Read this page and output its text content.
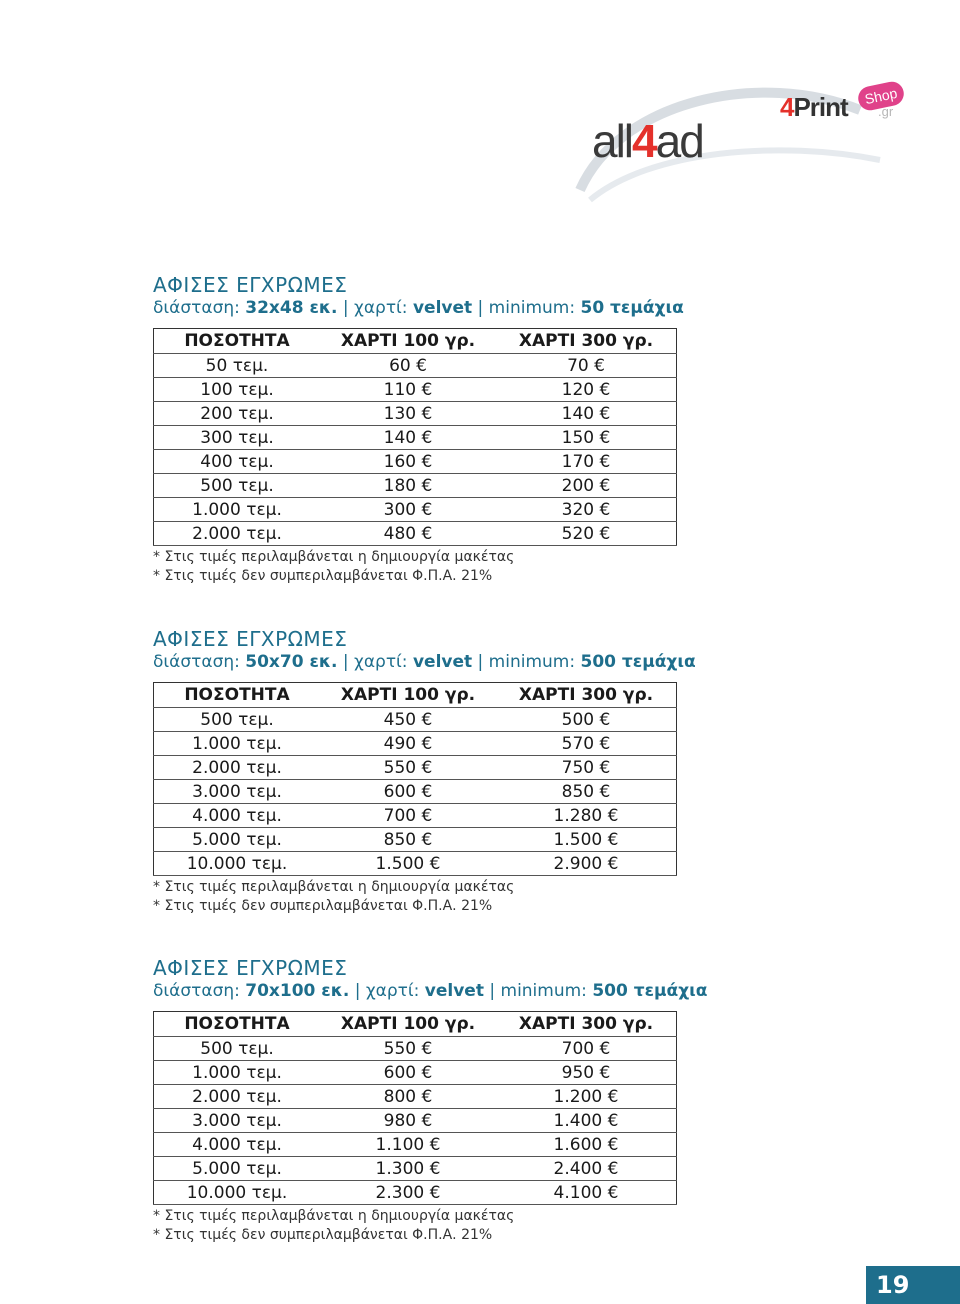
all4ad
4Print	Shop
.gr

ΑΦΙΣΕΣ ΕΓΧΡΩΜΕΣ

διάσταση: 32x48 εκ. | χαρτί: velvet | minimum: 50 τεμάχια

ΠΟΣΟΤΗΤΑ	ΧΑΡΤΙ 100 γρ.	ΧΑΡΤΙ 300 γρ.
50 τεμ.	60 €	70 €
100 τεμ.	110 €	120 €
200 τεμ.	130 €	140 €
300 τεμ.	140 €	150 €
400 τεμ.	160 €	170 €
500 τεμ.	180 €	200 €
1.000 τεμ.	300 €	320 €
2.000 τεμ.	480 €	520 €

* Στις τιμές περιλαμβάνεται η δημιουργία μακέτας

* Στις τιμές δεν συμπεριλαμβάνεται Φ.Π.Α. 21%

ΑΦΙΣΕΣ ΕΓΧΡΩΜΕΣ

διάσταση: 50x70 εκ. | χαρτί: velvet | minimum: 500 τεμάχια

ΠΟΣΟΤΗΤΑ	ΧΑΡΤΙ 100 γρ.	ΧΑΡΤΙ 300 γρ.
500 τεμ.	450 €	500 €
1.000 τεμ.	490 €	570 €
2.000 τεμ.	550 €	750 €
3.000 τεμ.	600 €	850 €
4.000 τεμ.	700 €	1.280 €
5.000 τεμ.	850 €	1.500 €
10.000 τεμ.	1.500 €	2.900 €

* Στις τιμές περιλαμβάνεται η δημιουργία μακέτας

* Στις τιμές δεν συμπεριλαμβάνεται Φ.Π.Α. 21%

ΑΦΙΣΕΣ ΕΓΧΡΩΜΕΣ

διάσταση: 70x100 εκ. | χαρτί: velvet | minimum: 500 τεμάχια

ΠΟΣΟΤΗΤΑ	ΧΑΡΤΙ 100 γρ.	ΧΑΡΤΙ 300 γρ.
500 τεμ.	550 €	700 €
1.000 τεμ.	600 €	950 €
2.000 τεμ.	800 €	1.200 €
3.000 τεμ.	980 €	1.400 €
4.000 τεμ.	1.100 €	1.600 €
5.000 τεμ.	1.300 €	2.400 €
10.000 τεμ.	2.300 €	4.100 €

* Στις τιμές περιλαμβάνεται η δημιουργία μακέτας

* Στις τιμές δεν συμπεριλαμβάνεται Φ.Π.Α. 21%

19
